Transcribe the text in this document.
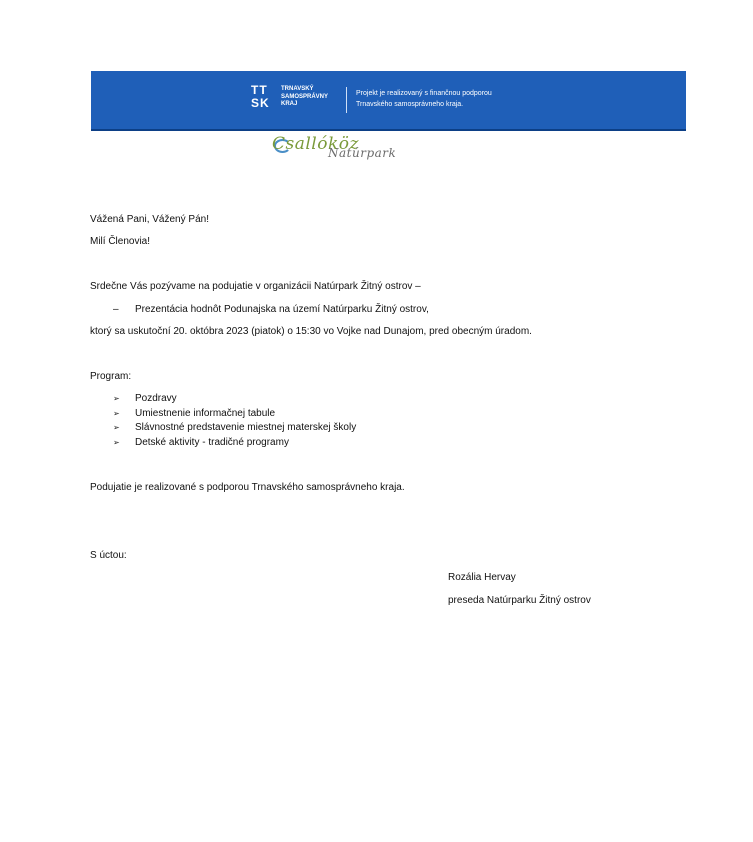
TT
SK
TRNAVSKÝ
SAMOSPRÁVNY
KRAJ
Projekt je realizovaný s finančnou podporou
Trnavského samosprávneho kraja.
Csallóköz
Natúrpark
Vážená Pani, Vážený Pán!
Milí Členovia!
Srdečne Vás pozývame na podujatie v organizácii Natúrpark Žitný ostrov –
– Prezentácia hodnôt Podunajska na území Natúrparku Žitný ostrov,
ktorý sa uskutoční 20. októbra 2023 (piatok) o 15:30 vo Vojke nad Dunajom, pred obecným úradom.
Program:
➢ Pozdravy
➢ Umiestnenie informačnej tabule
➢ Slávnostné predstavenie miestnej materskej školy
➢ Detské aktivity - tradičné programy
Podujatie je realizované s podporou Trnavského samosprávneho kraja.
S úctou:
Rozália Hervay
preseda Natúrparku Žitný ostrov
